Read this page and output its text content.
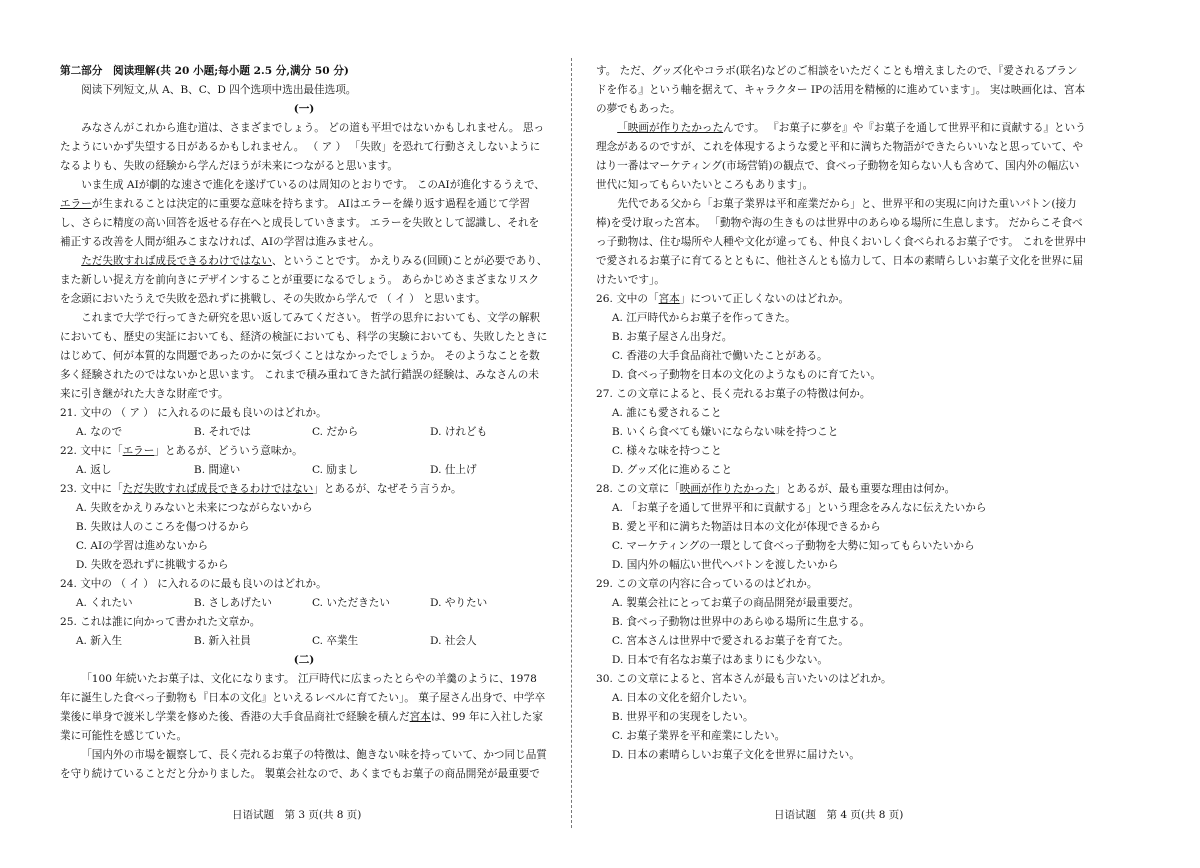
第二部分　阅读理解(共 20 小题;每小题 2.5 分,满分 50 分)

阅读下列短文,从 A、B、C、D 四个选项中选出最佳选项。

(一)

みなさんがこれから進む道は、さまざまでしょう。 どの道も平坦ではないかもしれません。 思ったようにいかず失望する日があるかもしれません。 （ ア ） 「失敗」を恐れて行動さえしないようになるよりも、失敗の経験から学んだほうが未来につながると思います。

いま生成 AIが劇的な速さで進化を遂げているのは周知のとおりです。 このAIが進化するうえで、エラーが生まれることは決定的に重要な意味を持ちます。 AIはエラーを繰り返す過程を通じて学習し、さらに精度の高い回答を返せる存在へと成長していきます。 エラーを失敗として認識し、それを補正する改善を人間が組みこまなければ、AIの学習は進みません。

ただ失敗すれば成長できるわけではない、ということです。 かえりみる(回顾)ことが必要であり、また新しい捉え方を前向きにデザインすることが重要になるでしょう。 あらかじめさまざまなリスクを念頭においたうえで失敗を恐れずに挑戦し、その失敗から学んで （ イ ） と思います。

これまで大学で行ってきた研究を思い返してみてください。 哲学の思弁においても、文学の解釈においても、歴史の実証においても、経済の検証においても、科学の実験においても、失敗したときにはじめて、何が本質的な問題であったのかに気づくことはなかったでしょうか。 そのようなことを数多く経験されたのではないかと思います。 これまで積み重ねてきた試行錯誤の経験は、みなさんの未来に引き継がれた大きな財産です。

21. 文中の （ ア ） に入れるのに最も良いのはどれか。

A. なので	B. それでは	C. だから	D. けれども

22. 文中に「エラー」とあるが、どういう意味か。

A. 返し	B. 間違い	C. 励まし	D. 仕上げ

23. 文中に「ただ失敗すれば成長できるわけではない」とあるが、なぜそう言うか。

A. 失敗をかえりみないと未来につながらないから

B. 失敗は人のこころを傷つけるから

C. AIの学習は進めないから

D. 失敗を恐れずに挑戦するから

24. 文中の （ イ ） に入れるのに最も良いのはどれか。

A. くれたい	B. さしあげたい	C. いただきたい	D. やりたい

25. これは誰に向かって書かれた文章か。

A. 新入生	B. 新入社員	C. 卒業生	D. 社会人

(二)

「100 年続いたお菓子は、文化になります。 江戸時代に広まったとらやの羊羹のように、1978 年に誕生した食べっ子動物も『日本の文化』といえるレベルに育てたい」。 菓子屋さん出身で、中学卒業後に単身で渡米し学業を修めた後、香港の大手食品商社で経験を積んだ宮本は、99 年に入社した家業に可能性を感じていた。

「国内外の市場を観察して、長く売れるお菓子の特徴は、飽きない味を持っていて、かつ同じ品質を守り続けていることだと分かりました。 製菓会社なので、あくまでもお菓子の商品開発が最重要で

す。 ただ、グッズ化やコラボ(联名)などのご相談をいただくことも増えましたので、『愛されるブランドを作る』という軸を据えて、キャラクター IPの活用を精極的に進めています」。 実は映画化は、宮本の夢でもあった。

「映画が作りたかったんです。 『お菓子に夢を』や『お菓子を通して世界平和に貢献する』という理念があるのですが、これを体現するような愛と平和に満ちた物語ができたらいいなと思っていて、やはり一番はマーケティング(市场营销)の観点で、食べっ子動物を知らない人も含めて、国内外の幅広い世代に知ってもらいたいところもあります」。

先代である父から「お菓子業界は平和産業だから」と、世界平和の実現に向けた重いバトン(接力棒)を受け取った宮本。 「動物や海の生きものは世界中のあらゆる場所に生息します。 だからこそ食べっ子動物は、住む場所や人種や文化が違っても、仲良くおいしく食べられるお菓子です。 これを世界中で愛されるお菓子に育てるとともに、他社さんとも協力して、日本の素晴らしいお菓子文化を世界に届けたいです」。

26. 文中の「宮本」について正しくないのはどれか。

A. 江戸時代からお菓子を作ってきた。

B. お菓子屋さん出身だ。

C. 香港の大手食品商社で働いたことがある。

D. 食べっ子動物を日本の文化のようなものに育てたい。

27. この文章によると、長く売れるお菓子の特徴は何か。

A. 誰にも愛されること

B. いくら食べても嫌いにならない味を持つこと

C. 様々な味を持つこと

D. グッズ化に進めること

28. この文章に「映画が作りたかった」とあるが、最も重要な理由は何か。

A. 「お菓子を通して世界平和に貢献する」という理念をみんなに伝えたいから

B. 愛と平和に満ちた物語は日本の文化が体现できるから

C. マーケティングの一環として食べっ子動物を大勢に知ってもらいたいから

D. 国内外の幅広い世代へバトンを渡したいから

29. この文章の内容に合っているのはどれか。

A. 製菓会社にとってお菓子の商品開発が最重要だ。

B. 食べっ子動物は世界中のあらゆる場所に生息する。

C. 宮本さんは世界中で愛されるお菓子を育てた。

D. 日本で有名なお菓子はあまりにも少ない。

30. この文章によると、宮本さんが最も言いたいのはどれか。

A. 日本の文化を紹介したい。

B. 世界平和の実现をしたい。

C. お菓子業界を平和産業にしたい。

D. 日本の素晴らしいお菓子文化を世界に届けたい。

日语试题　第 3 页(共 8 页)	日语试题　第 4 页(共 8 页)
